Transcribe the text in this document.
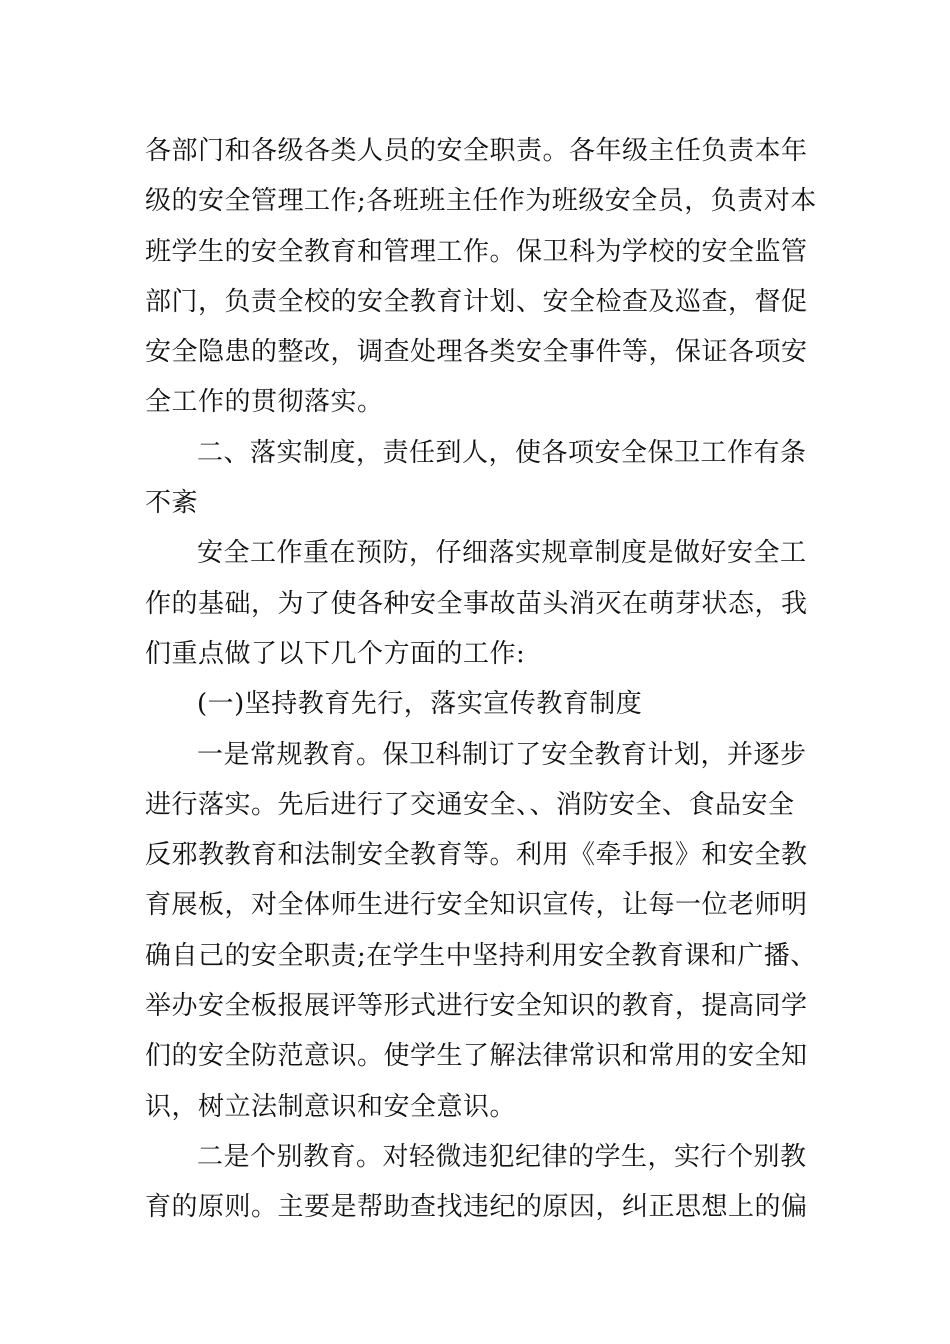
各部门和各级各类人员的安全职责。各年级主任负责本年
级的安全管理工作;各班班主任作为班级安全员，负责对本
班学生的安全教育和管理工作。保卫科为学校的安全监管
部门，负责全校的安全教育计划、安全检查及巡查，督促
安全隐患的整改，调查处理各类安全事件等，保证各项安
全工作的贯彻落实。

二、落实制度，责任到人，使各项安全保卫工作有条
不紊

安全工作重在预防，仔细落实规章制度是做好安全工
作的基础，为了使各种安全事故苗头消灭在萌芽状态，我
们重点做了以下几个方面的工作:

(一)坚持教育先行，落实宣传教育制度

一是常规教育。保卫科制订了安全教育计划，并逐步
进行落实。先后进行了交通安全、、消防安全、食品安全
反邪教教育和法制安全教育等。利用《牵手报》和安全教
育展板，对全体师生进行安全知识宣传，让每一位老师明
确自己的安全职责;在学生中坚持利用安全教育课和广播、
举办安全板报展评等形式进行安全知识的教育，提高同学
们的安全防范意识。使学生了解法律常识和常用的安全知
识，树立法制意识和安全意识。

二是个别教育。对轻微违犯纪律的学生，实行个别教
育的原则。主要是帮助查找违纪的原因，纠正思想上的偏
